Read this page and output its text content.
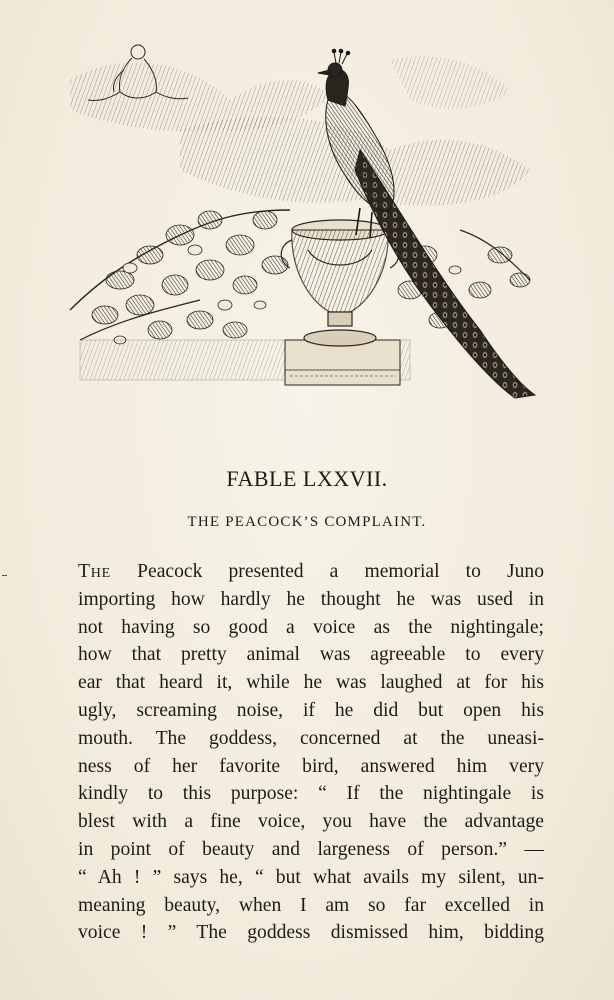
FABLE LXXVII.
THE PEACOCK’S COMPLAINT.
The Peacock presented a memorial to Juno
importing how hardly he thought he was used in
not having so good a voice as the nightingale;
how that pretty animal was agreeable to every
ear that heard it, while he was laughed at for his
ugly, screaming noise, if he did but open his
mouth. The goddess, concerned at the uneasi-
ness of her favorite bird, answered him very
kindly to this purpose: “ If the nightingale is
blest with a fine voice, you have the advantage
in point of beauty and largeness of person.” —
“ Ah ! ” says he, “ but what avails my silent, un-
meaning beauty, when I am so far excelled in
voice ! ” The goddess dismissed him, bidding
